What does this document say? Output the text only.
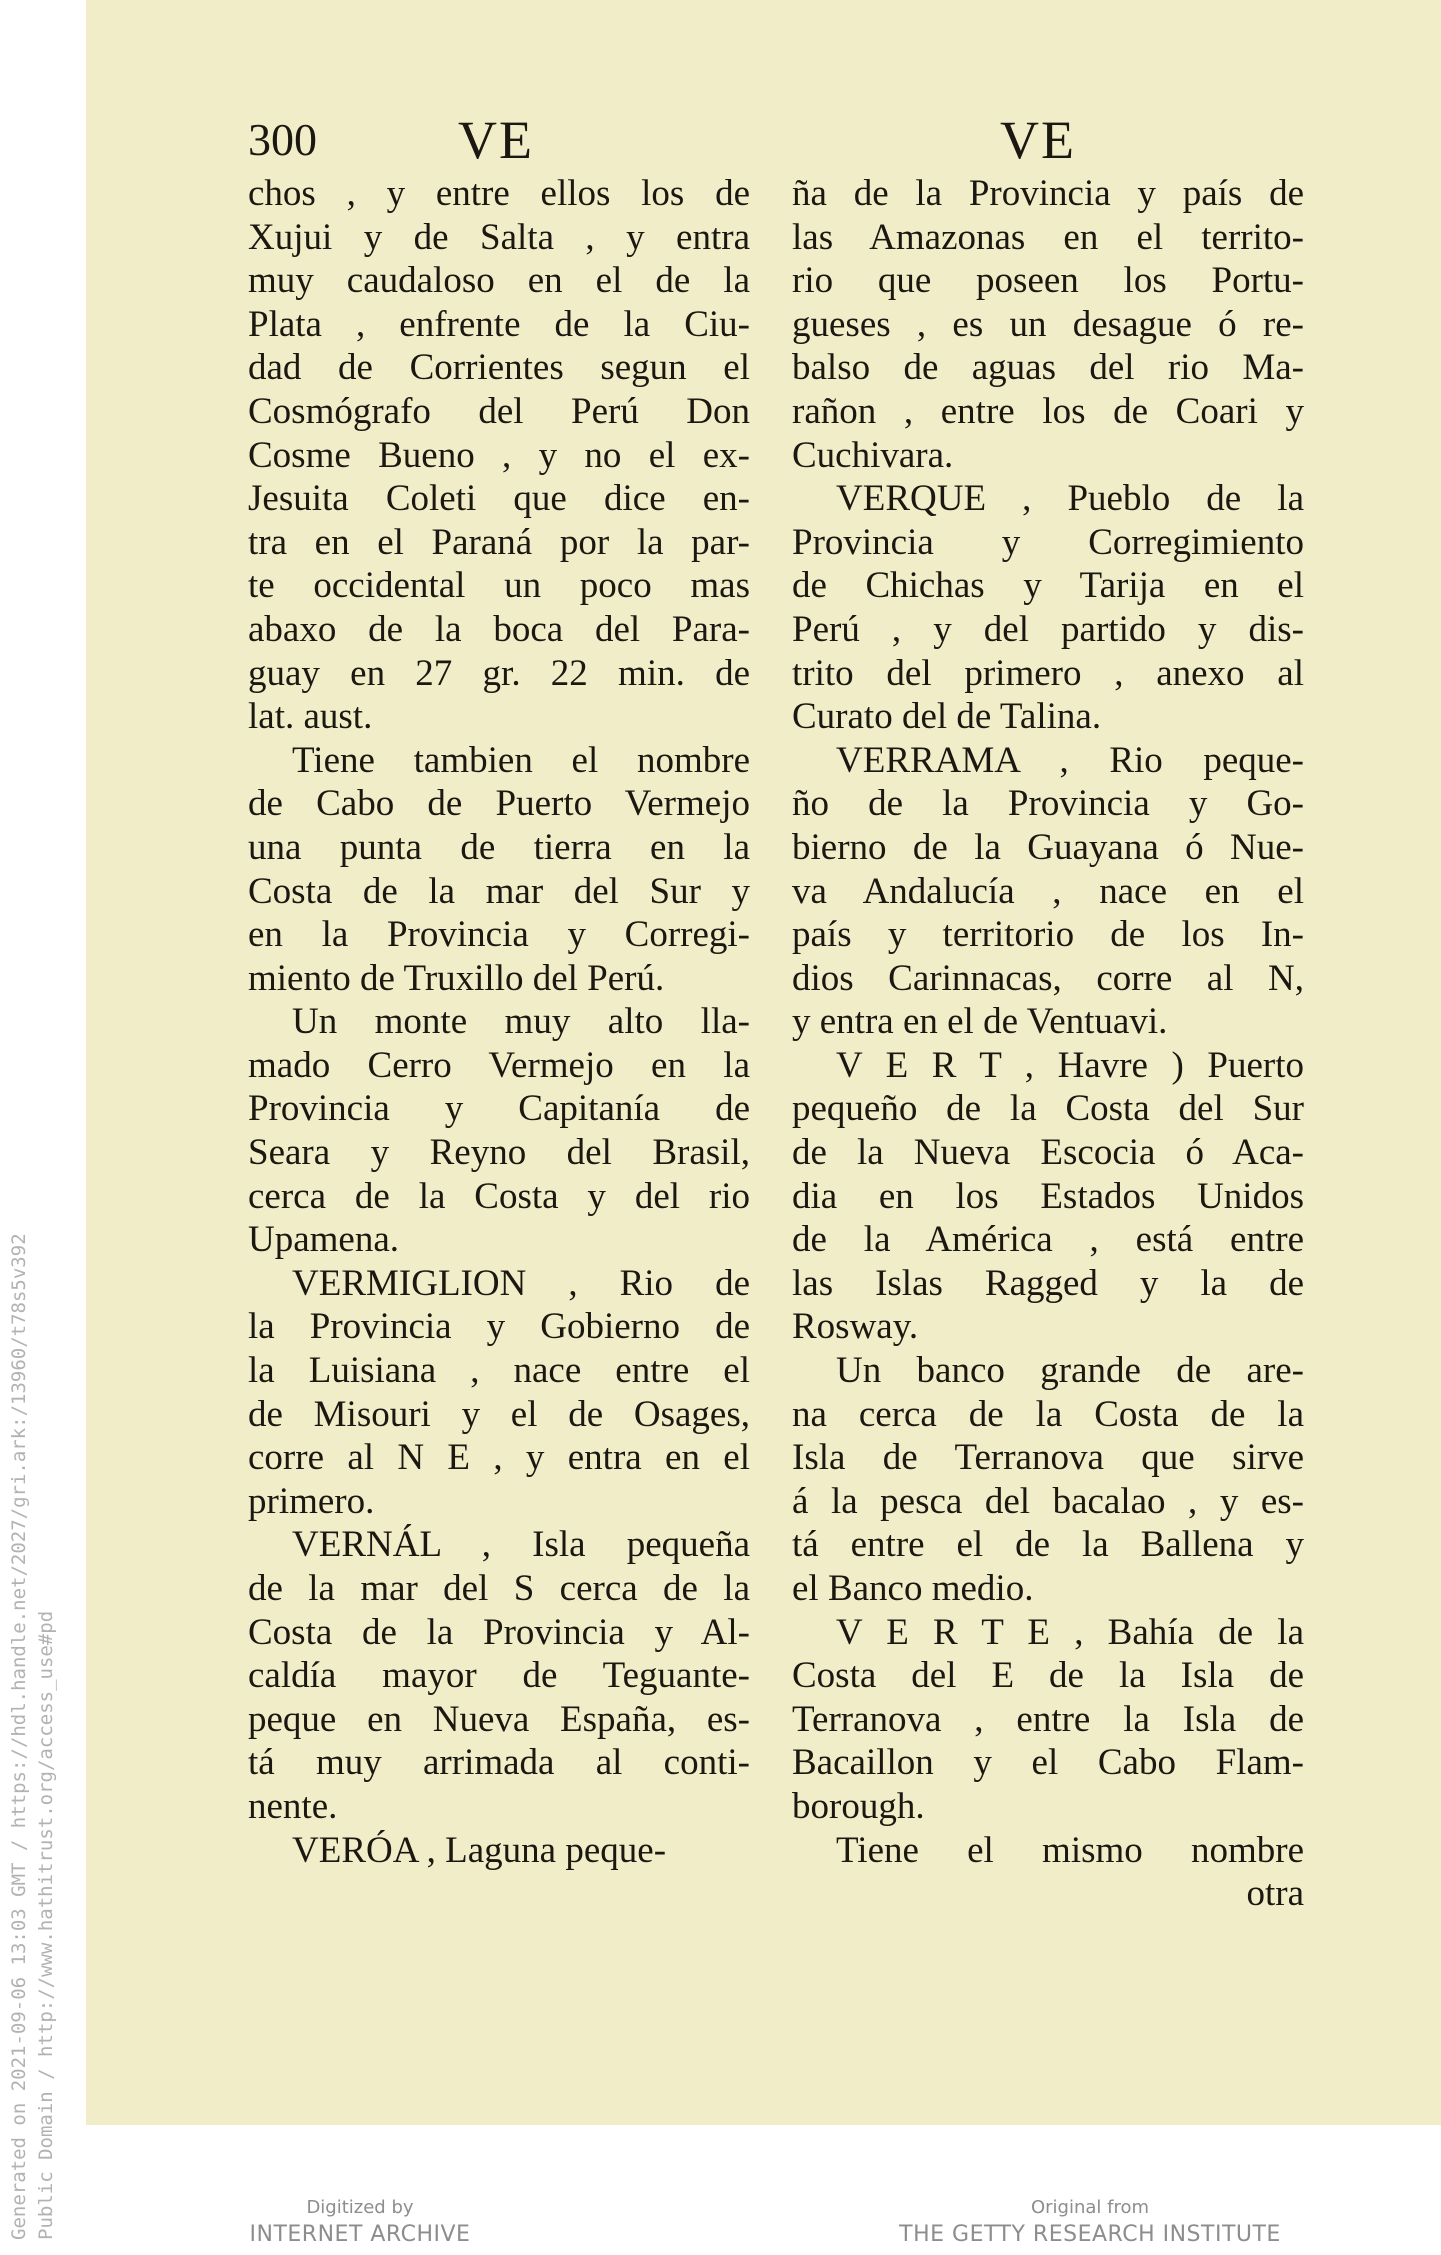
Generated on 2021-09-06 13:03 GMT / https://hdl.handle.net/2027/gri.ark:/13960/t78s5v392 Public Domain / http://www.hathitrust.org/access_use#pd
300	VE	VE
chos , y entre ellos los de
Xujui y de Salta , y entra
muy caudaloso en el de la
Plata , enfrente de la Ciu-
dad de Corrientes segun el
Cosmógrafo del Perú Don
Cosme Bueno , y no el ex-
Jesuita Coleti que dice en-
tra en el Paraná por la par-
te occidental un poco mas
abaxo de la boca del Para-
guay en 27 gr. 22 min. de
lat. aust.
Tiene tambien el nombre
de Cabo de Puerto Vermejo
una punta de tierra en la
Costa de la mar del Sur y
en la Provincia y Corregi-
miento de Truxillo del Perú.
Un monte muy alto lla-
mado Cerro Vermejo en la
Provincia y Capitanía de
Seara y Reyno del Brasil,
cerca de la Costa y del rio
Upamena.
VERMIGLION , Rio de
la Provincia y Gobierno de
la Luisiana , nace entre el
de Misouri y el de Osages,
corre al N E , y entra en el
primero.
VERNÁL , Isla pequeña
de la mar del S cerca de la
Costa de la Provincia y Al-
caldía mayor de Teguante-
peque en Nueva España, es-
tá muy arrimada al conti-
nente.
VERÓA , Laguna peque-
ña de la Provincia y país de
las Amazonas en el territo-
rio que poseen los Portu-
gueses , es un desague ó re-
balso de aguas del rio Ma-
rañon , entre los de Coari y
Cuchivara.
VERQUE , Pueblo de la
Provincia y Corregimiento
de Chichas y Tarija en el
Perú , y del partido y dis-
trito del primero , anexo al
Curato del de Talina.
VERRAMA , Rio peque-
ño de la Provincia y Go-
bierno de la Guayana ó Nue-
va Andalucía , nace en el
país y territorio de los In-
dios Carinnacas, corre al N,
y entra en el de Ventuavi.
V E R T , Havre ) Puerto
pequeño de la Costa del Sur
de la Nueva Escocia ó Aca-
dia en los Estados Unidos
de la América , está entre
las Islas Ragged y la de
Rosway.
Un banco grande de are-
na cerca de la Costa de la
Isla de Terranova que sirve
á la pesca del bacalao , y es-
tá entre el de la Ballena y
el Banco medio.
V E R T E , Bahía de la
Costa del E de la Isla de
Terranova , entre la Isla de
Bacaillon y el Cabo Flam-
borough.
Tiene el mismo nombre
otra
Digitized by
INTERNET ARCHIVE
Original from
THE GETTY RESEARCH INSTITUTE
